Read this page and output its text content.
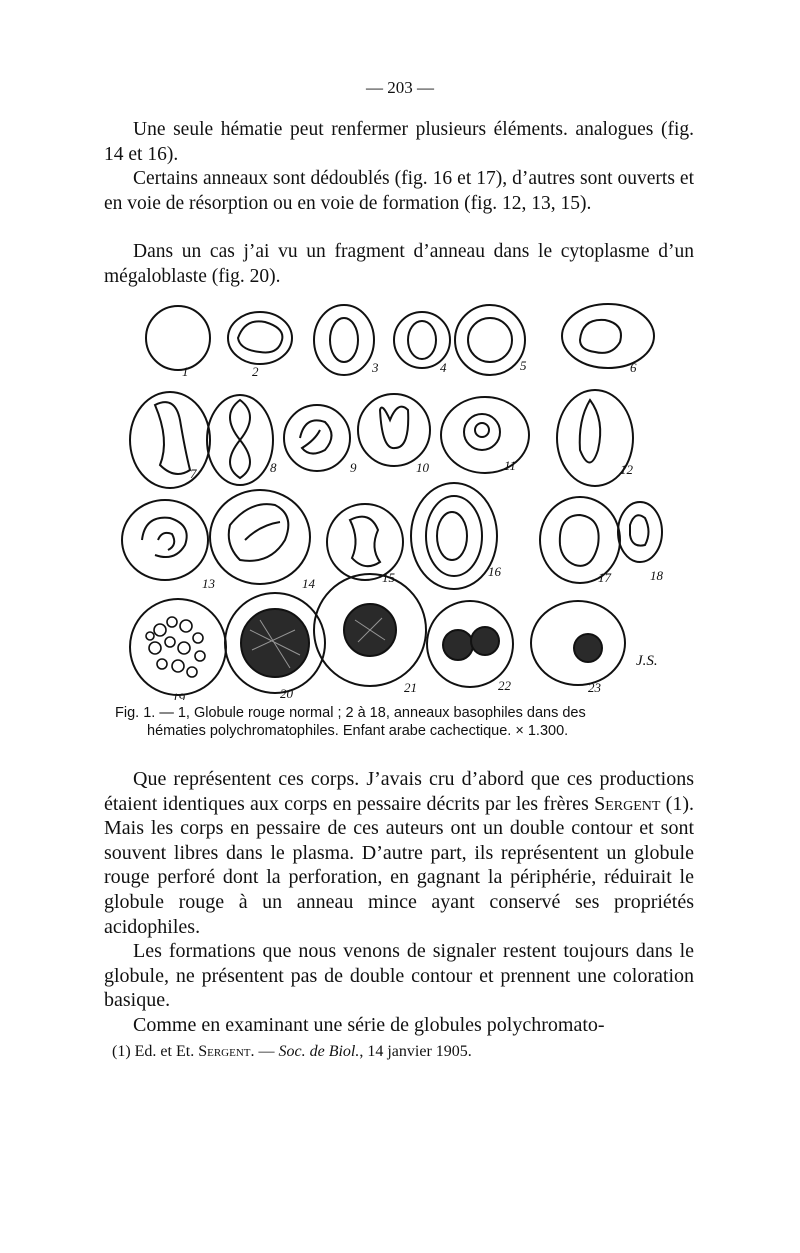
— 203 —

Une seule hématie peut renfermer plusieurs éléments. analogues (fig. 14 et 16).

Certains anneaux sont dédoublés (fig. 16 et 17), d’autres sont ouverts et en voie de résorption ou en voie de formation (fig. 12, 13, 15).

Dans un cas j’ai vu un fragment d’anneau dans le cytoplasme d’un mégaloblaste (fig. 20).

1	2	3	4	5	6
7	8	9	10	11	12
13	14	15	16	17	18
19	20	21	22	23
J.S.
Fig. 1. — 1, Globule rouge normal ; 2 à 18, anneaux basophiles dans des
hématies polychromatophiles. Enfant arabe cachectique. × 1.300.

Que représentent ces corps. J’avais cru d’abord que ces productions étaient identiques aux corps en pessaire décrits par les frères Sergent (1). Mais les corps en pessaire de ces auteurs ont un double contour et sont souvent libres dans le plasma. D’autre part, ils représentent un globule rouge perforé dont la perforation, en gagnant la périphérie, réduirait le globule rouge à un anneau mince ayant conservé ses propriétés acidophiles.

Les formations que nous venons de signaler restent toujours dans le globule, ne présentent pas de double contour et prennent une coloration basique.

Comme en examinant une série de globules polychromato-

(1) Ed. et Et. Sergent. — Soc. de Biol., 14 janvier 1905.
